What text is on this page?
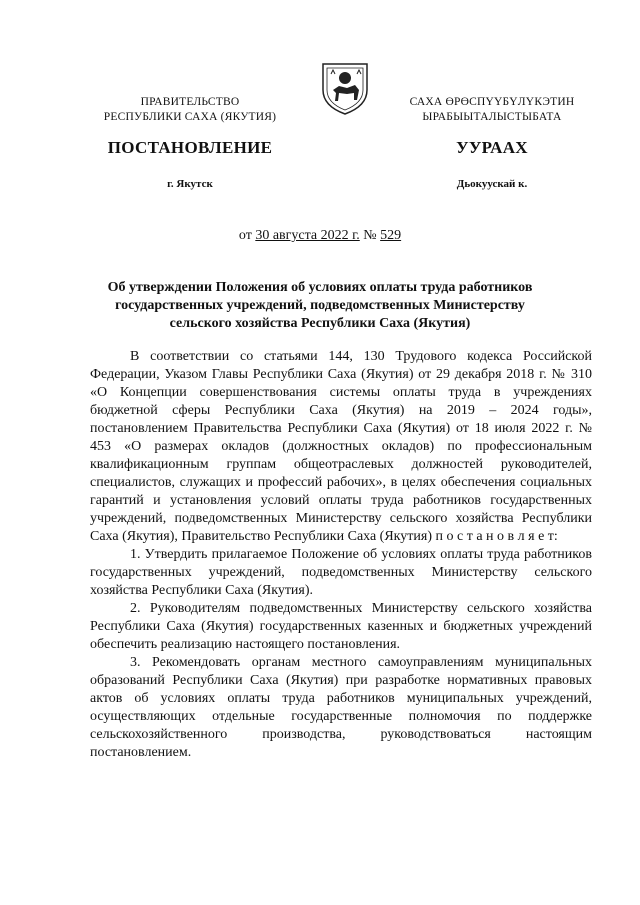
ПРАВИТЕЛЬСТВО
РЕСПУБЛИКИ САХА (ЯКУТИЯ)
САХА ӨРӨСПҮҮБҮЛҮКЭТИН
ЫРАБЫЫТАЛЫСТЫБАТА
ПОСТАНОВЛЕНИЕ	УУРААХ
г. Якутск	Дьокуускай к.
от 30 августа 2022 г. № 529
Об утверждении Положения об условиях оплаты труда работников государственных учреждений, подведомственных Министерству сельского хозяйства Республики Саха (Якутия)

В соответствии со статьями 144, 130 Трудового кодекса Российской Федерации, Указом Главы Республики Саха (Якутия) от 29 декабря 2018 г. № 310 «О Концепции совершенствования системы оплаты труда в учреждениях бюджетной сферы Республики Саха (Якутия) на 2019 – 2024 годы», постановлением Правительства Республики Саха (Якутия) от 18 июля 2022 г. № 453 «О размерах окладов (должностных окладов) по профессиональным квалификационным группам общеотраслевых должностей руководителей, специалистов, служащих и профессий рабочих», в целях обеспечения социальных гарантий и установления условий оплаты труда работников государственных учреждений, подведомственных Министерству сельского хозяйства Республики Саха (Якутия), Правительство Республики Саха (Якутия) п о с т а н о в л я е т:

1. Утвердить прилагаемое Положение об условиях оплаты труда работников государственных учреждений, подведомственных Министерству сельского хозяйства Республики Саха (Якутия).

2. Руководителям подведомственных Министерству сельского хозяйства Республики Саха (Якутия) государственных казенных и бюджетных учреждений обеспечить реализацию настоящего постановления.

3. Рекомендовать органам местного самоуправлениям муниципальных образований Республики Саха (Якутия) при разработке нормативных правовых актов об условиях оплаты труда работников муниципальных учреждений, осуществляющих отдельные государственные полномочия по поддержке сельскохозяйственного производства, руководствоваться настоящим постановлением.
